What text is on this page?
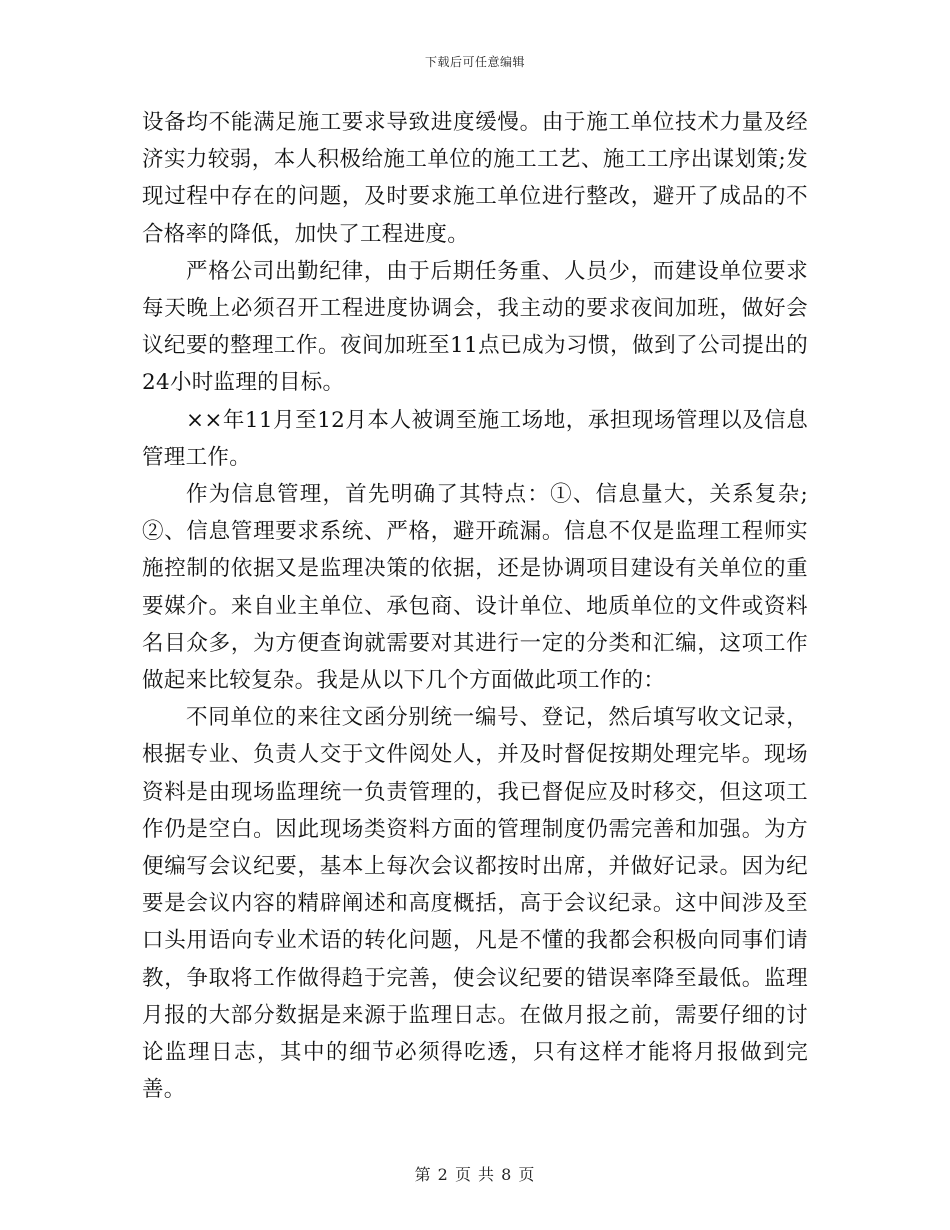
下载后可任意编辑

设备均不能满足施工要求导致进度缓慢。由于施工单位技术力量及经济实力较弱，本人积极给施工单位的施工工艺、施工工序出谋划策;发现过程中存在的问题，及时要求施工单位进行整改，避开了成品的不合格率的降低，加快了工程进度。

严格公司出勤纪律，由于后期任务重、人员少，而建设单位要求每天晚上必须召开工程进度协调会，我主动的要求夜间加班，做好会议纪要的整理工作。夜间加班至11点已成为习惯，做到了公司提出的24小时监理的目标。

××年11月至12月本人被调至施工场地，承担现场管理以及信息管理工作。

作为信息管理，首先明确了其特点：①、信息量大，关系复杂;②、信息管理要求系统、严格，避开疏漏。信息不仅是监理工程师实施控制的依据又是监理决策的依据，还是协调项目建设有关单位的重要媒介。来自业主单位、承包商、设计单位、地质单位的文件或资料名目众多，为方便查询就需要对其进行一定的分类和汇编，这项工作做起来比较复杂。我是从以下几个方面做此项工作的：

不同单位的来往文函分别统一编号、登记，然后填写收文记录，根据专业、负责人交于文件阅处人，并及时督促按期处理完毕。现场资料是由现场监理统一负责管理的，我已督促应及时移交，但这项工作仍是空白。因此现场类资料方面的管理制度仍需完善和加强。为方便编写会议纪要，基本上每次会议都按时出席，并做好记录。因为纪要是会议内容的精辟阐述和高度概括，高于会议纪录。这中间涉及至口头用语向专业术语的转化问题，凡是不懂的我都会积极向同事们请教，争取将工作做得趋于完善，使会议纪要的错误率降至最低。监理月报的大部分数据是来源于监理日志。在做月报之前，需要仔细的讨论监理日志，其中的细节必须得吃透，只有这样才能将月报做到完善。

第 2 页 共 8 页
